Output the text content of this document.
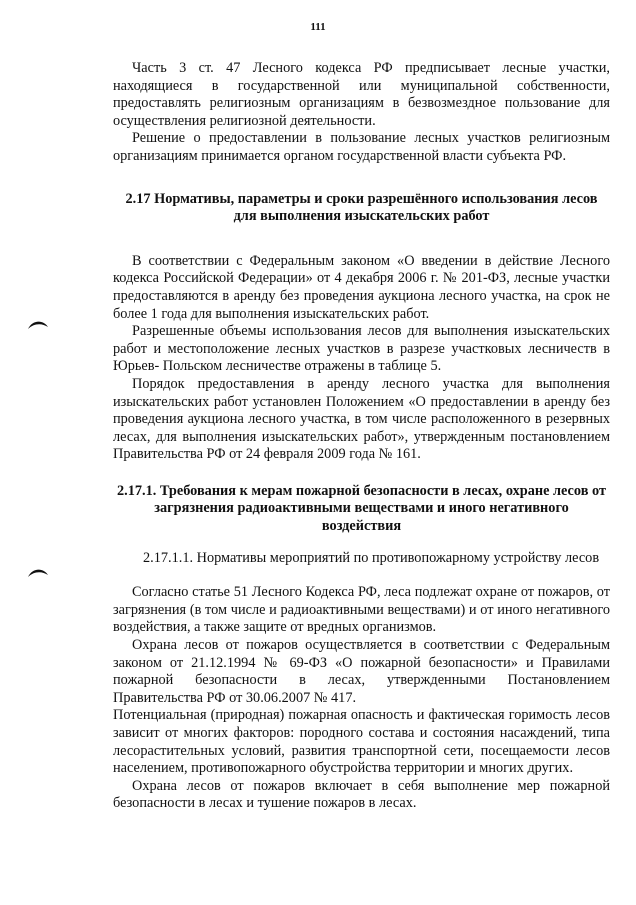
111

Часть 3 ст. 47 Лесного кодекса РФ предписывает лесные участки, находящиеся в государственной или муниципальной собственности, предоставлять религиозным организациям в безвозмездное пользование для осуществления религиозной деятельности.

Решение о предоставлении в пользование лесных участков религиозным организациям принимается органом государственной власти субъекта РФ.

2.17 Нормативы, параметры и сроки разрешённого использования лесов для выполнения изыскательских работ

В соответствии с Федеральным законом «О введении в действие Лесного кодекса Российской Федерации» от 4 декабря 2006 г. № 201-ФЗ, лесные участки предоставляются в аренду без проведения аукциона лесного участка, на срок не более 1 года для выполнения изыскательских работ.

Разрешенные объемы использования лесов для выполнения изыскательских работ и местоположение лесных участков в разрезе участковых лесничеств в Юрьев- Польском лесничестве отражены в таблице 5.

Порядок предоставления в аренду лесного участка для выполнения изыскательских работ установлен Положением «О предоставлении в аренду без проведения аукциона лесного участка, в том числе расположенного в резервных лесах, для выполнения изыскательских работ», утвержденным постановлением Правительства РФ от 24 февраля 2009 года № 161.

2.17.1. Требования к мерам пожарной безопасности в лесах, охране лесов от загрязнения радиоактивными веществами и иного негативного воздействия
2.17.1.1. Нормативы мероприятий по противопожарному устройству лесов

Согласно статье 51 Лесного Кодекса РФ, леса подлежат охране от пожаров, от загрязнения (в том числе и радиоактивными веществами) и от иного негативного воздействия, а также защите от вредных организмов.

Охрана лесов от пожаров осуществляется в соответствии с Федеральным законом от 21.12.1994 № 69-ФЗ «О пожарной безопасности» и Правилами пожарной безопасности в лесах, утвержденными Постановлением Правительства РФ от 30.06.2007 № 417.

Потенциальная (природная) пожарная опасность и фактическая горимость лесов зависит от многих факторов: породного состава и состояния насаждений, типа лесорастительных условий, развития транспортной сети, посещаемости лесов населением, противопожарного обустройства территории и многих других.

Охрана лесов от пожаров включает в себя выполнение мер пожарной безопасности в лесах и тушение пожаров в лесах.
